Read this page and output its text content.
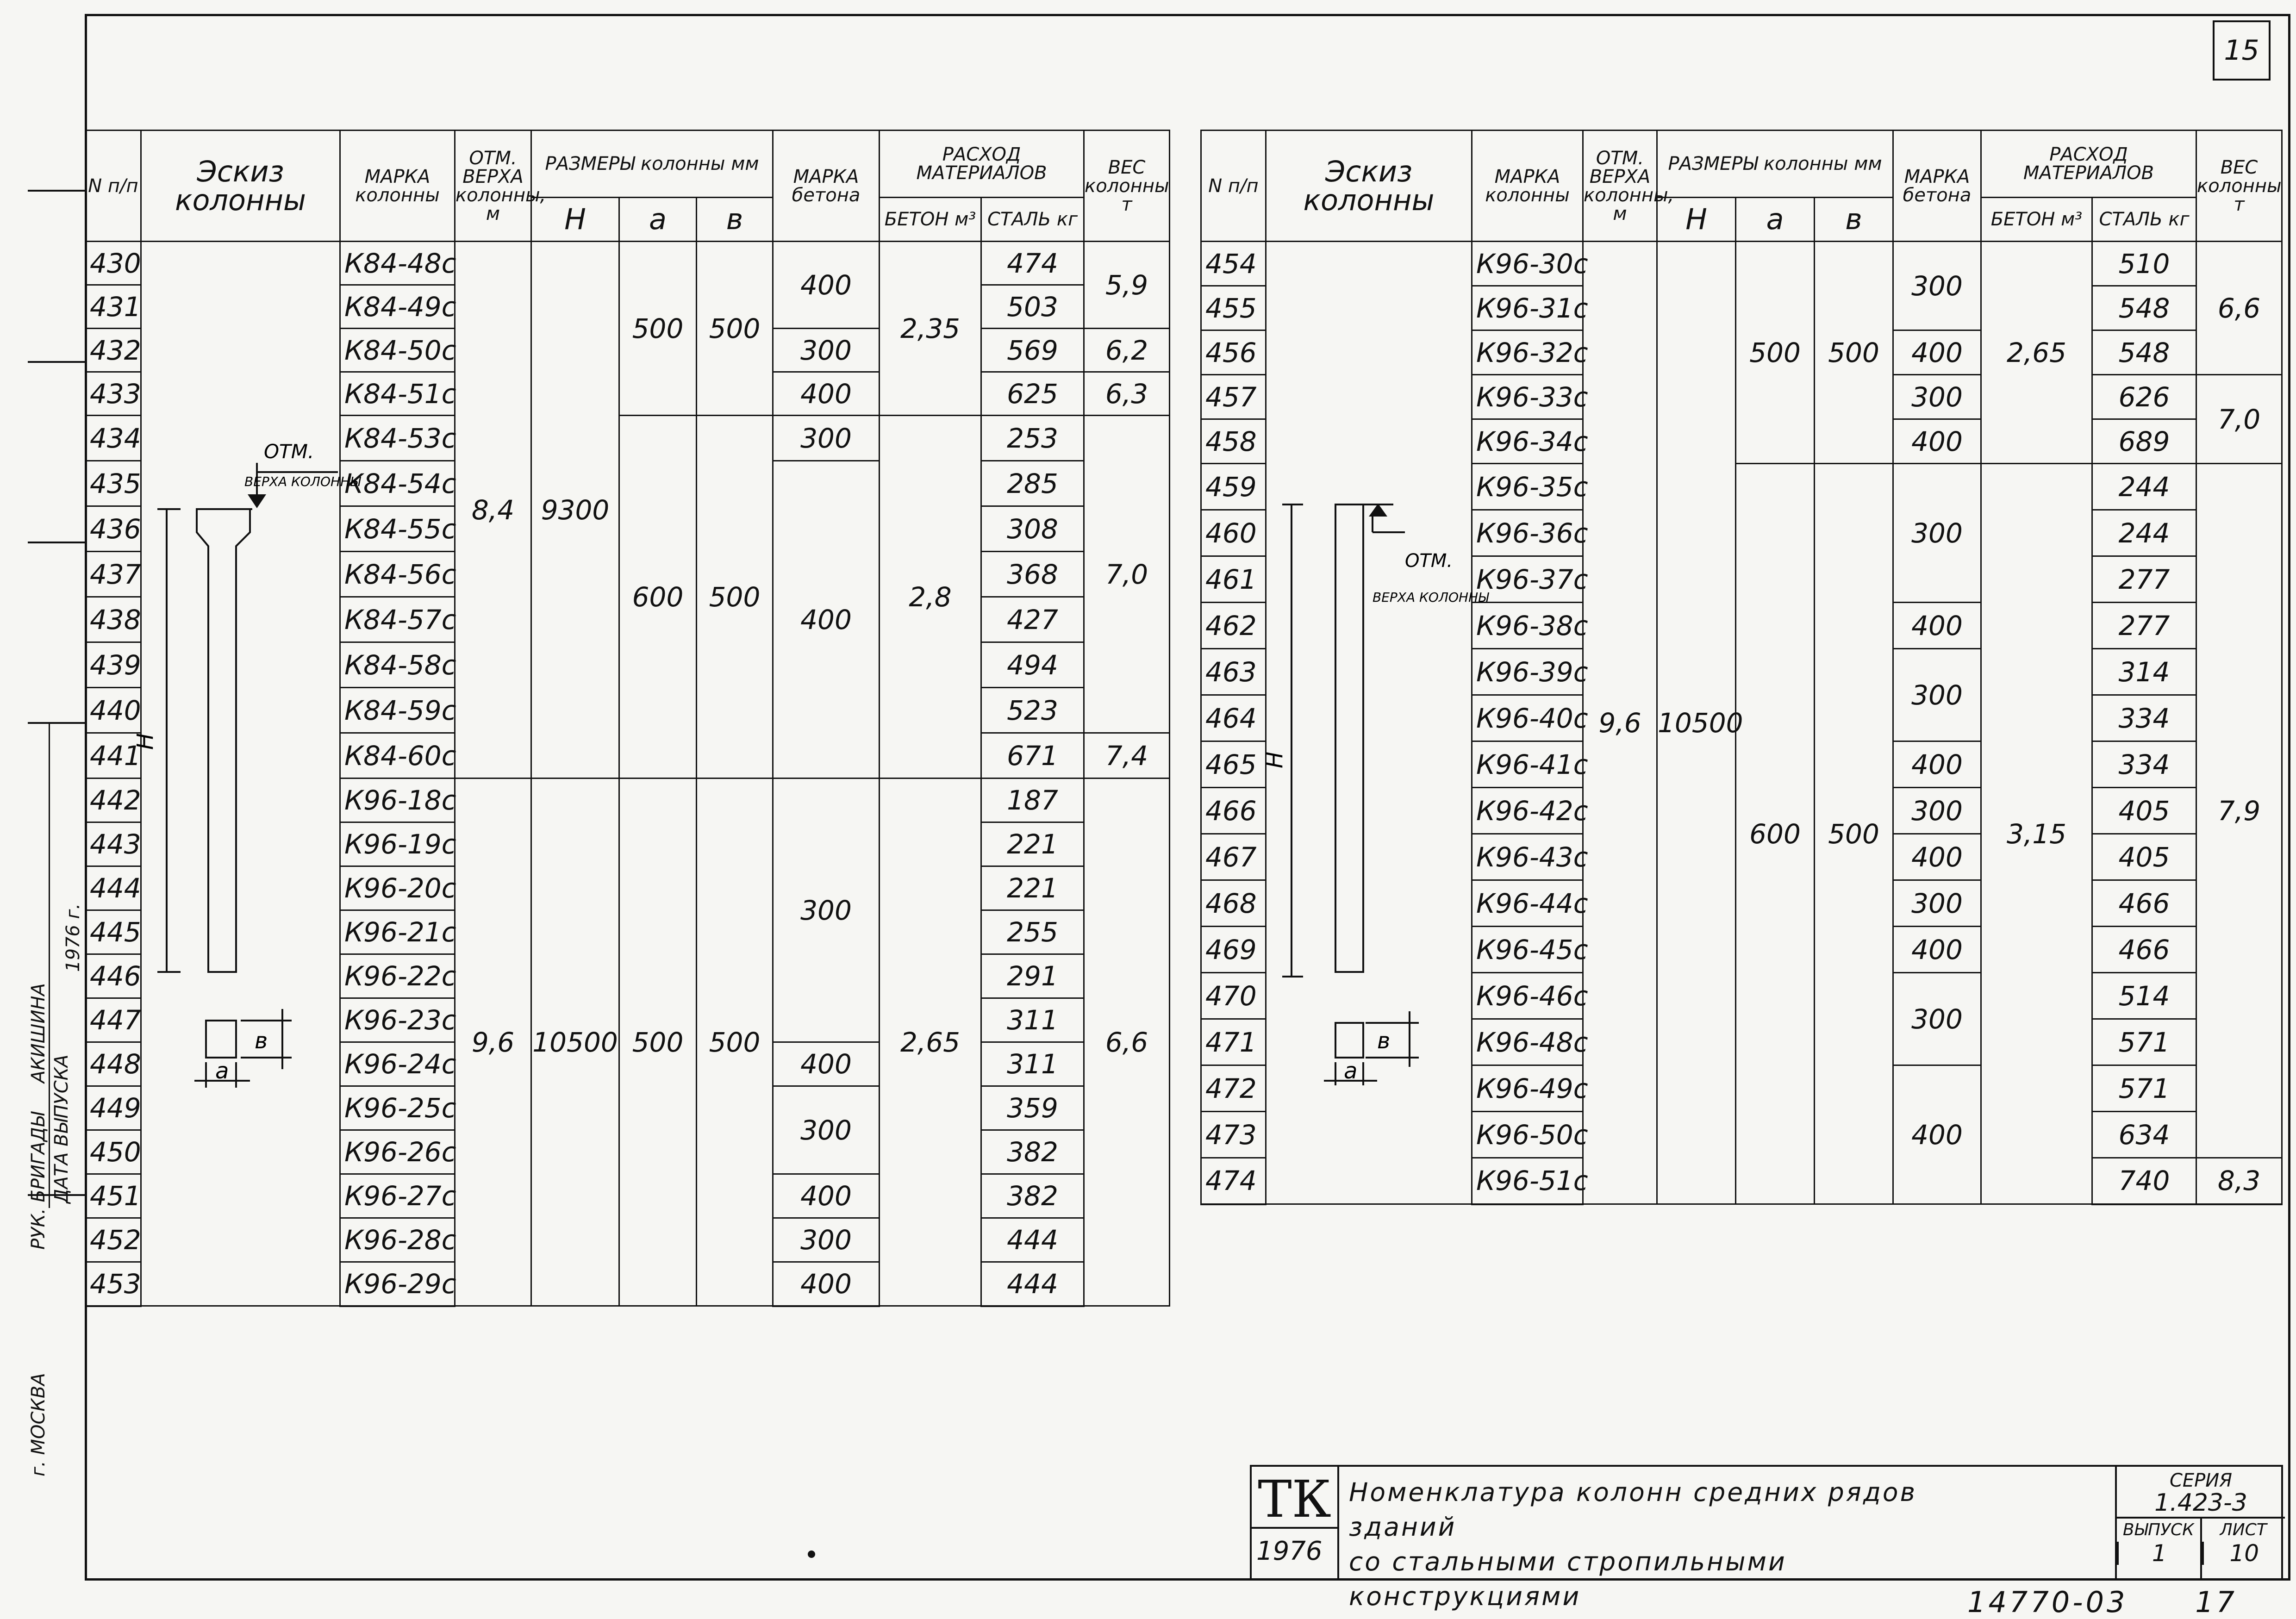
15
г. МОСКВА
ДАТА ВЫПУСКА
РУК. БРИГАДЫ
АКИШИНА
1976 г.
N п/п	Эскиз колонны	МАРКА колонны	ОТМ. ВЕРХА колонны, м	РАЗМЕРЫ колонны мм			МАРКА бетона	РАСХОД МАТЕРИАЛОВ		ВЕС колонны т
				H	a	в		БЕТОН м³	СТАЛЬ кг	
430		К84-48с	8,4	9300	500	500	400	2,35	474	5,9
431		К84-49с							503	
432		К84-50с					300		569	6,2
433		К84-51с					400		625	6,3
434		К84-53с			600	500	300	2,8	253	7,0
435		К84-54с					400		285	
436		К84-55с							308	
437		К84-56с							368	
438		К84-57с							427	
439		К84-58с							494	
440		К84-59с							523	
441		К84-60с							671	7,4
442		К96-18с	9,6	10500	500	500	300	2,65	187	6,6
443		К96-19с							221	
444		К96-20с							221	
445		К96-21с							255	
446		К96-22с							291	
447		К96-23с							311	
448		К96-24с					400		311	
449		К96-25с					300		359	
450		К96-26с							382	
451		К96-27с					400		382	
452		К96-28с					300		444	
453		К96-29с					400		444	
N п/п	Эскиз колонны	МАРКА колонны	ОТМ. ВЕРХА колонны, м	РАЗМЕРЫ колонны мм			МАРКА бетона	РАСХОД МАТЕРИАЛОВ		ВЕС колонны т
				H	a	в		БЕТОН м³	СТАЛЬ кг	
454		К96-30с	9,6	10500	500	500	300	2,65	510	6,6
455		К96-31с							548	
456		К96-32с					400		548	
457		К96-33с					300		626	7,0
458		К96-34с					400		689	
459		К96-35с			600	500	300	3,15	244	7,9
460		К96-36с							244	
461		К96-37с							277	
462		К96-38с					400		277	
463		К96-39с					300		314	
464		К96-40с							334	
465		К96-41с					400		334	
466		К96-42с					300		405	
467		К96-43с					400		405	
468		К96-44с					300		466	
469		К96-45с					400		466	
470		К96-46с					300		514	
471		К96-48с							571	
472		К96-49с					400		571	
473		К96-50с							634	
474		К96-51с							740	8,3
ОТМ.
ВЕРХА КОЛОННЫ
H
a
в
ОТМ.
ВЕРХА КОЛОННЫ
H
a
в
ТК
1976
Номенклатура колонн средних рядов зданий
со стальными стропильными конструкциями
СЕРИЯ
1.423-3
ВЫПУСК
1
ЛИСТ
10
14770-03 17
